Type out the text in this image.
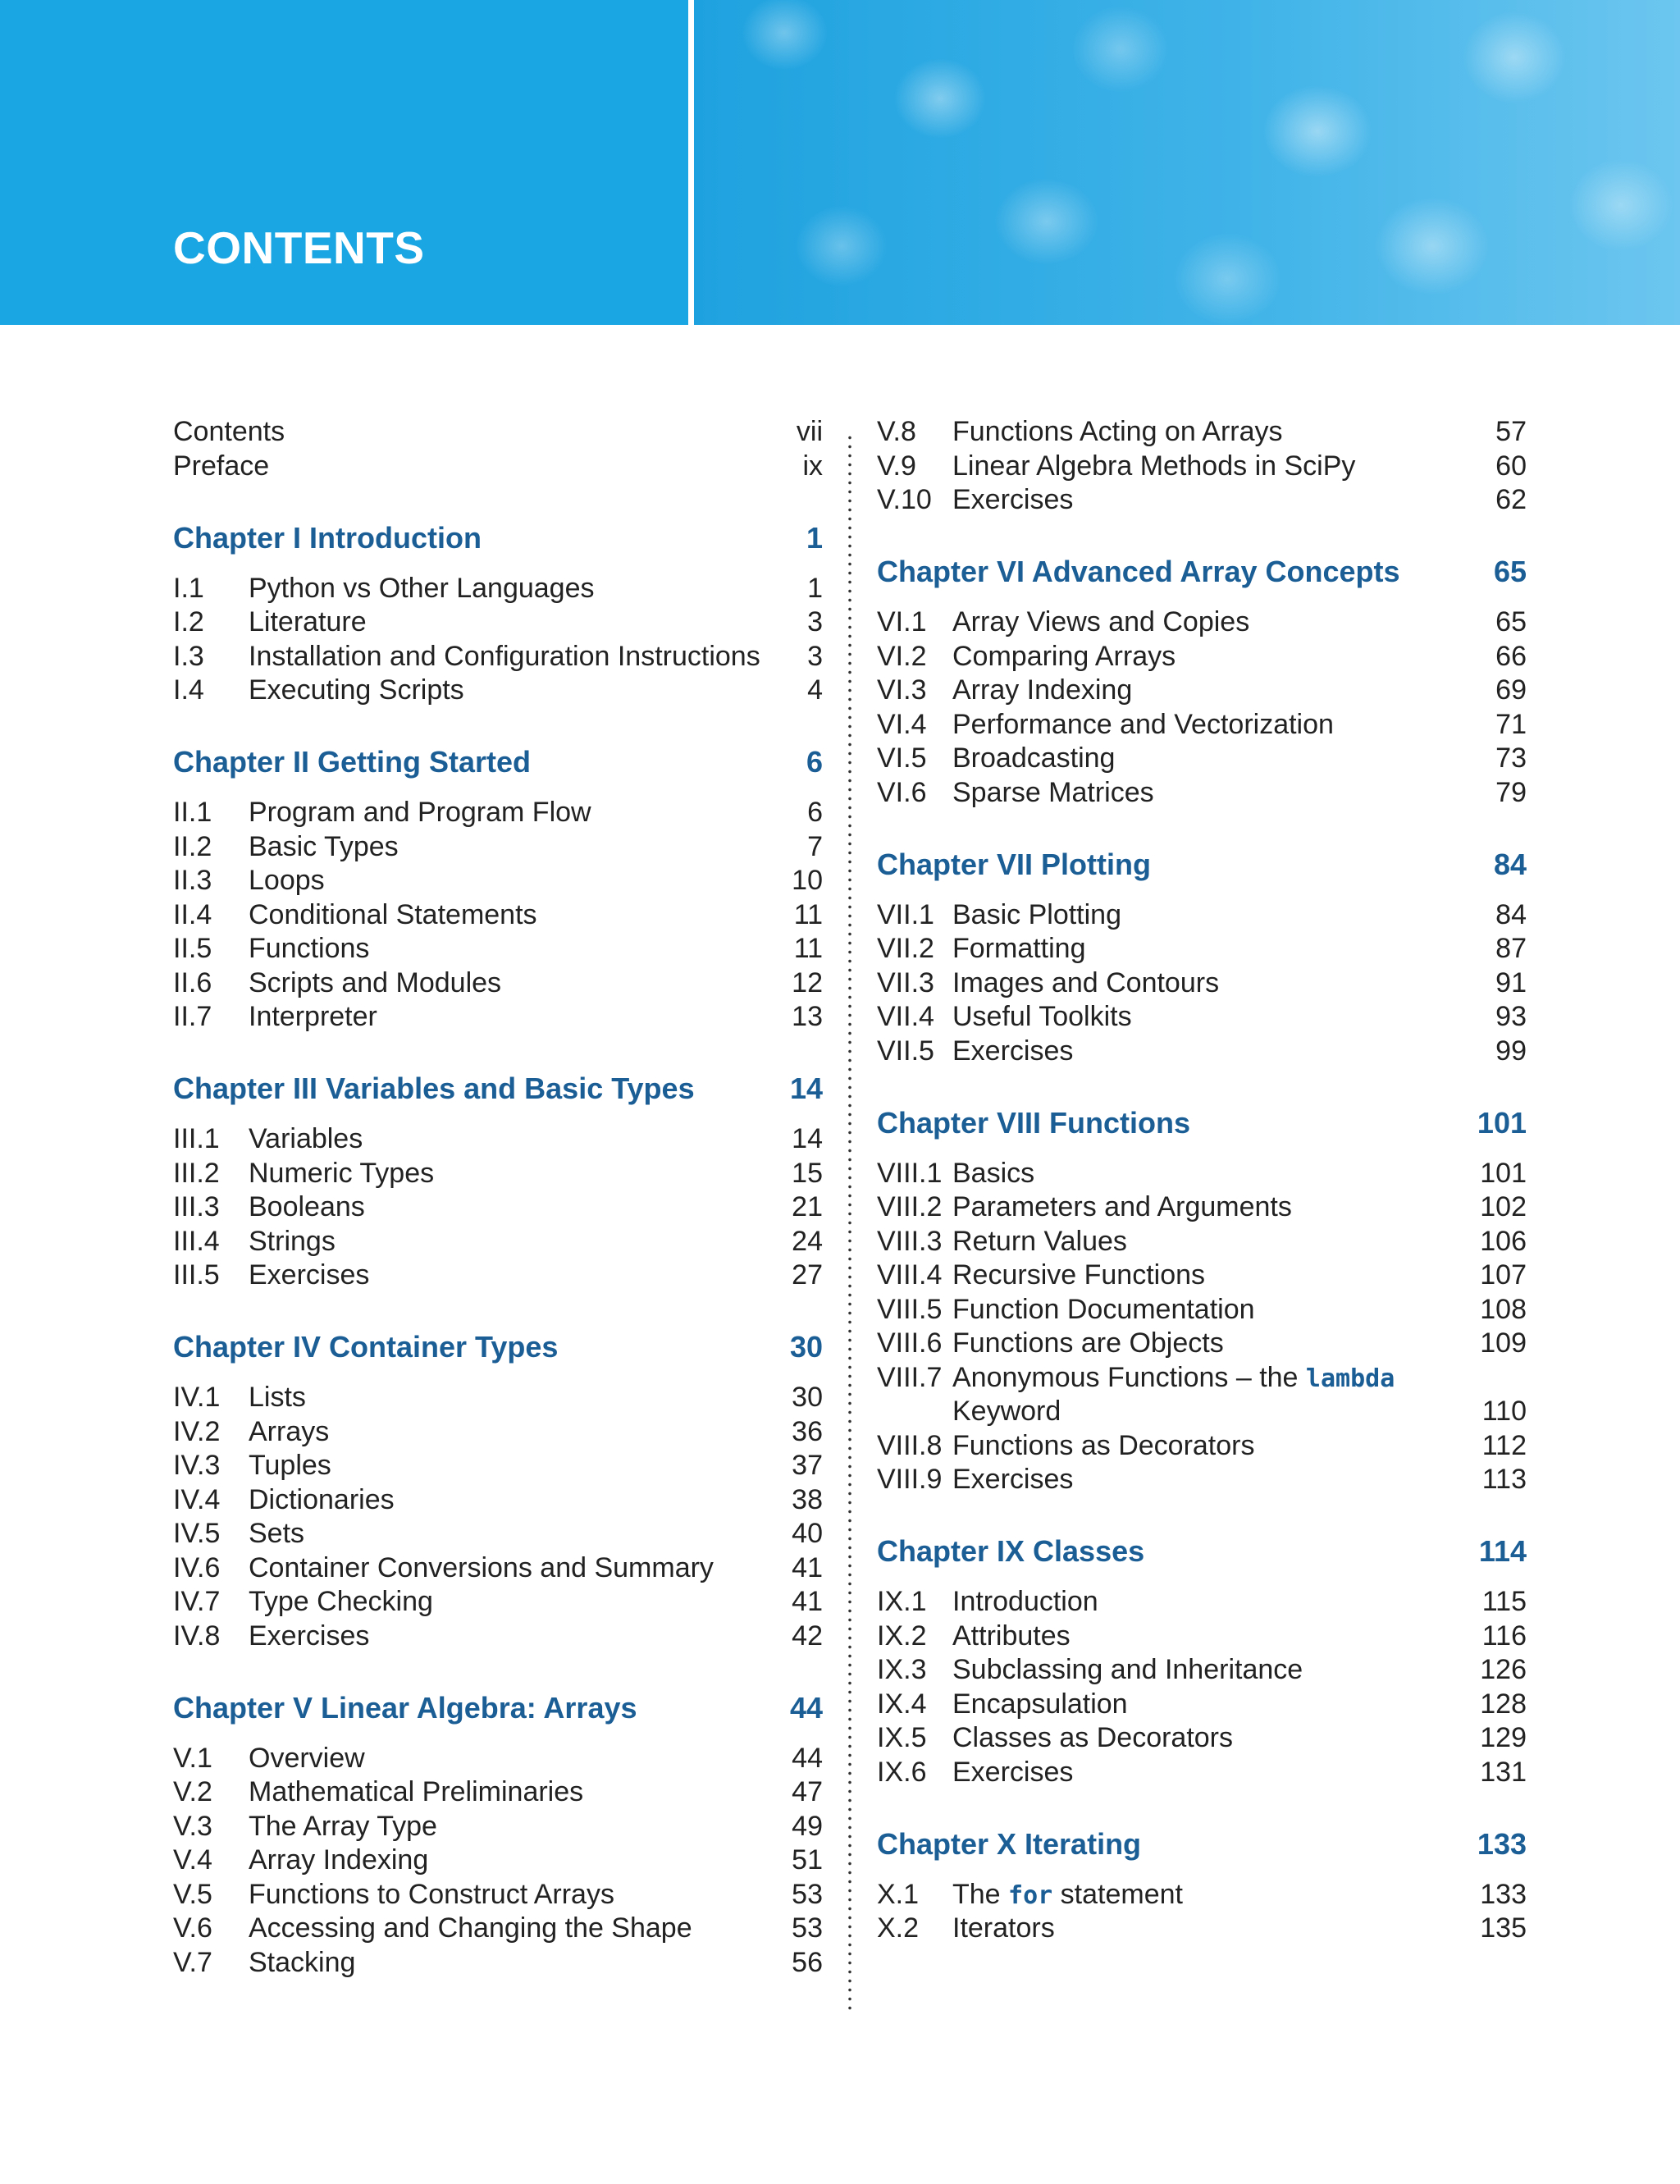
CONTENTS
Contents	vii
Preface	ix
Chapter I Introduction	1
I.1 Python vs Other Languages	1
I.2 Literature	3
I.3 Installation and Configuration Instructions 3
I.4 Executing Scripts	4
Chapter II Getting Started	6
II.1 Program and Program Flow	6
II.2 Basic Types	7
II.3 Loops	10
II.4 Conditional Statements	11
II.5 Functions	11
II.6 Scripts and Modules	12
II.7 Interpreter	13
Chapter III Variables and Basic Types	14
III.1 Variables	14
III.2 Numeric Types	15
III.3 Booleans	21
III.4 Strings	24
III.5 Exercises	27
Chapter IV Container Types	30
IV.1 Lists	30
IV.2 Arrays	36
IV.3 Tuples	37
IV.4 Dictionaries	38
IV.5 Sets	40
IV.6 Container Conversions and Summary	41
IV.7 Type Checking	41
IV.8 Exercises	42
Chapter V Linear Algebra: Arrays	44
V.1 Overview	44
V.2 Mathematical Preliminaries	47
V.3 The Array Type	49
V.4 Array Indexing	51
V.5 Functions to Construct Arrays	53
V.6 Accessing and Changing the Shape	53
V.7 Stacking	56
V.8 Functions Acting on Arrays	57
V.9 Linear Algebra Methods in SciPy	60
V.10 Exercises	62
Chapter VI Advanced Array Concepts	65
VI.1 Array Views and Copies	65
VI.2 Comparing Arrays	66
VI.3 Array Indexing	69
VI.4 Performance and Vectorization	71
VI.5 Broadcasting	73
VI.6 Sparse Matrices	79
Chapter VII Plotting	84
VII.1 Basic Plotting	84
VII.2 Formatting	87
VII.3 Images and Contours	91
VII.4 Useful Toolkits	93
VII.5 Exercises	99
Chapter VIII Functions	101
VIII.1 Basics	101
VIII.2 Parameters and Arguments	102
VIII.3 Return Values	106
VIII.4 Recursive Functions	107
VIII.5 Function Documentation	108
VIII.6 Functions are Objects	109
VIII.7 Anonymous Functions – the lambda
Keyword	110
VIII.8 Functions as Decorators	112
VIII.9 Exercises	113
Chapter IX Classes	114
IX.1 Introduction	115
IX.2 Attributes	116
IX.3 Subclassing and Inheritance	126
IX.4 Encapsulation	128
IX.5 Classes as Decorators	129
IX.6 Exercises	131
Chapter X Iterating	133
X.1 The for statement	133
X.2 Iterators	135
